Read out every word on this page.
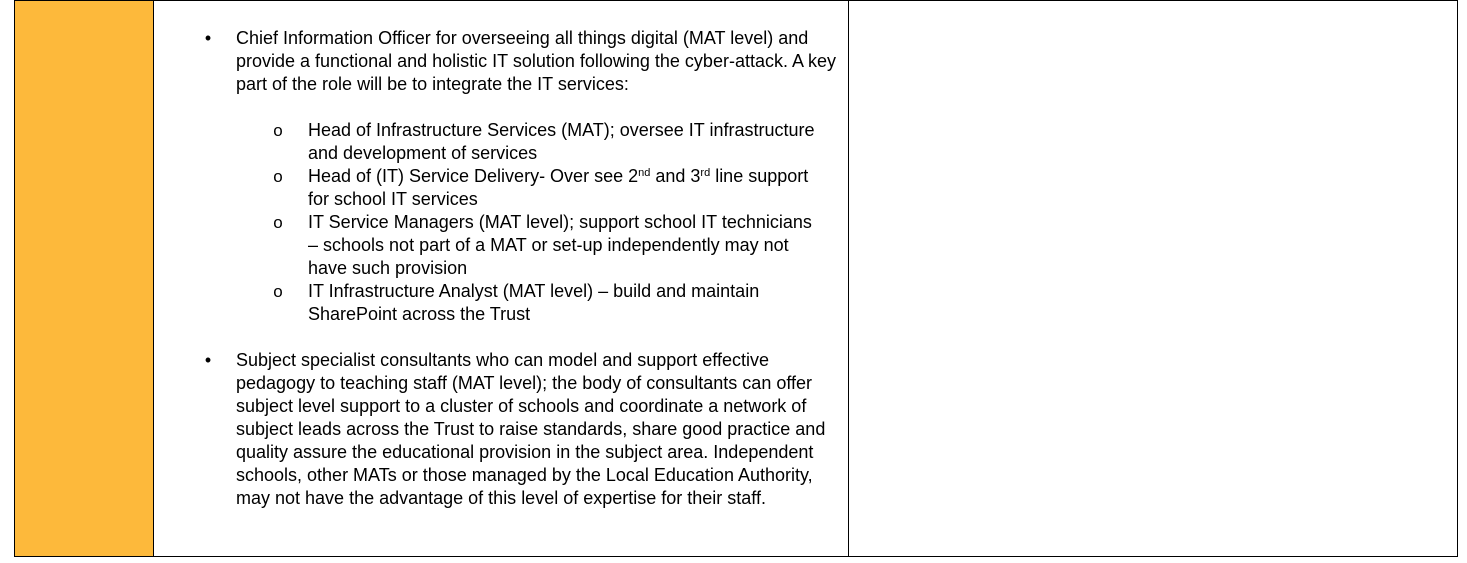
• Chief Information Officer for overseeing all things digital (MAT level) and provide a functional and holistic IT solution following the cyber-attack. A key part of the role will be to integrate the IT services:
o Head of Infrastructure Services (MAT); oversee IT infrastructure and development of services
o Head of (IT) Service Delivery- Over see 2nd and 3rd line support for school IT services
o IT Service Managers (MAT level); support school IT technicians – schools not part of a MAT or set-up independently may not have such provision
o IT Infrastructure Analyst (MAT level) – build and maintain SharePoint across the Trust
• Subject specialist consultants who can model and support effective pedagogy to teaching staff (MAT level); the body of consultants can offer subject level support to a cluster of schools and coordinate a network of subject leads across the Trust to raise standards, share good practice and quality assure the educational provision in the subject area. Independent schools, other MATs or those managed by the Local Education Authority, may not have the advantage of this level of expertise for their staff.
